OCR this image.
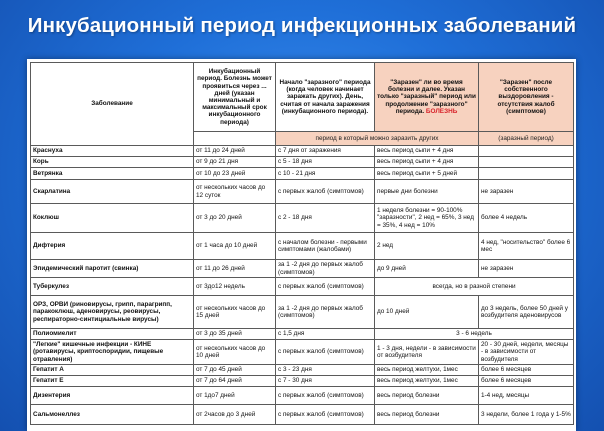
Инкубационный период инфекционных заболеваний
Заболевание	Инкубационный период. Болезнь может проявиться через ... дней (указан минимальный и максимальный срок инкубационного периода)	Начало "заразного" периода (когда человек начинает заражать других). День, считая от начала заражения (инкубационного периода).	"Заразен" ли во время болезни и далее. Указан только "заразный" период или продолжение "заразного" периода. БОЛЕЗНЬ	"Заразен" после собственного выздоровления - отсутствия жалоб (симптомов)
		период в который можно заразить других		(заразный период)
Краснуха	от 11 до 24 дней	с 7 дня от заражения	весь период сыпи + 4 дня	
Корь	от 9 до 21 дня	с 5 - 18 дня	весь период сыпи + 4 дня	
Ветрянка	от 10 до 23 дней	с 10 - 21 дня	весь период сыпи + 5 дней	
Скарлатина	от нескольких часов до 12 суток	с первых жалоб (симптомов)	первые дни болезни	не заразен
Коклюш	от 3 до 20 дней	с 2 - 18 дня	1 неделя болезни = 90-100% "заразности", 2 нед = 65%, 3 нед = 35%, 4 нед = 10%	более 4 недель
Дифтерия	от 1 часа до 10 дней	с началом болезни - первыми симптомами (жалобами)	2 нед	4 нед, "носительство" более 6 мес
Эпидемический паротит (свинка)	от 11 до 26 дней	за 1 -2 дня до первых жалоб (симптомов)	до 9 дней	не заразен
Туберкулез	от 3до12 недель	с первых жалоб (симптомов)	всегда, но в разной степени	
ОРЗ, ОРВИ (риновирусы, грипп, парагрипп, паракоклюш, аденовирусы, реовирусы, респираторно-синтициальные вирусы)	от нескольких часов до 15 дней	за 1 -2 дня до первых жалоб (симптомов)	до 10 дней	до 3 недель, более 50 дней у возбудителя аденовирусов
Полиомиелит	от 3 до 35 дней	с 1,5 дня	3 - 6 недель	
"Легкие" кишечные инфекции - КИНЕ (ротавирусы, криптоспоридии, пищевые отравления)	от нескольких часов до 10 дней	с первых жалоб (симптомов)	1 - 3 дня, недели - в зависимости от возбудителя	20 - 30 дней, недели, месяцы - в зависимости от возбудителя
Гепатит А	от 7 до 45 дней	с 3 - 23 дня	весь период желтухи, 1мес	более 6 месяцев
Гепатит Е	от 7 до 64 дней	с 7 - 30 дня	весь период желтухи, 1мес	более 6 месяцев
Дизентерия	от 1до7 дней	с первых жалоб (симптомов)	весь период болезни	1-4 нед, месяцы
Сальмонеллез	от 2часов до 3 дней	с первых жалоб (симптомов)	весь период болезни	3 недели, более 1 года у 1-5%
